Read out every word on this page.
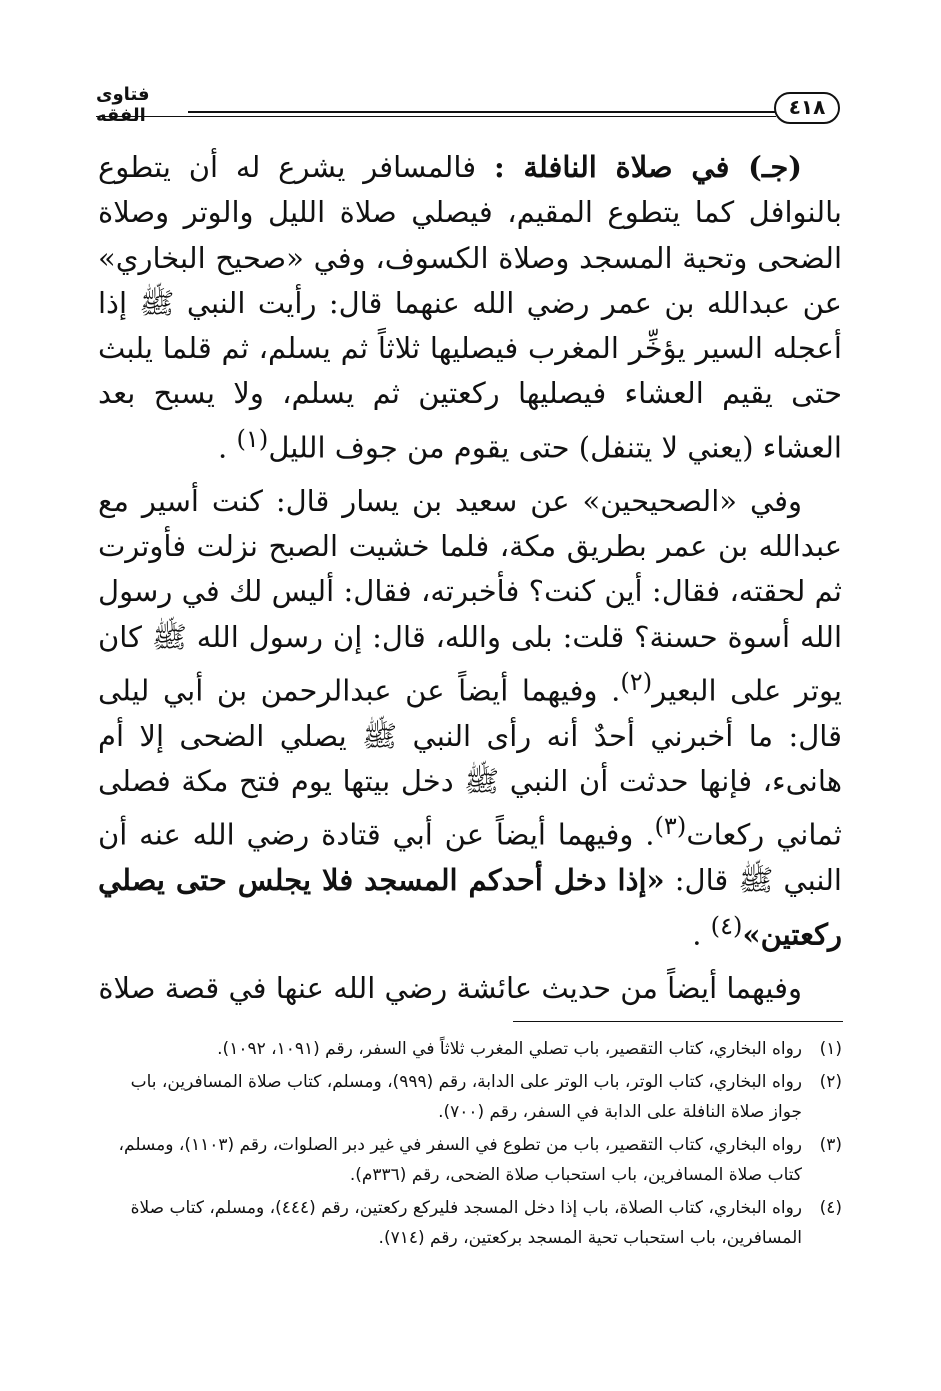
٤١٨
فتاوى الفقه

(جـ) في صلاة النافلة : فالمسافر يشرع له أن يتطوع بالنوافل كما يتطوع المقيم، فيصلي صلاة الليل والوتر وصلاة الضحى وتحية المسجد وصلاة الكسوف، وفي «صحيح البخاري» عن عبدالله بن عمر رضي الله عنهما قال: رأيت النبي ﷺ إذا أعجله السير يؤخِّر المغرب فيصليها ثلاثاً ثم يسلم، ثم قلما يلبث حتى يقيم العشاء فيصليها ركعتين ثم يسلم، ولا يسبح بعد العشاء (يعني لا يتنفل) حتى يقوم من جوف الليل$^{(١)}$ .

وفي «الصحيحين» عن سعيد بن يسار قال: كنت أسير مع عبدالله بن عمر بطريق مكة، فلما خشيت الصبح نزلت فأوترت ثم لحقته، فقال: أين كنت؟ فأخبرته، فقال: أليس لك في رسول الله أسوة حسنة؟ قلت: بلى والله، قال: إن رسول الله ﷺ كان يوتر على البعير$^{(٢)}$. وفيهما أيضاً عن عبدالرحمن بن أبي ليلى قال: ما أخبرني أحدٌ أنه رأى النبي ﷺ يصلي الضحى إلا أم هانىء، فإنها حدثت أن النبي ﷺ دخل بيتها يوم فتح مكة فصلى ثماني ركعات$^{(٣)}$. وفيهما أيضاً عن أبي قتادة رضي الله عنه أن النبي ﷺ قال: «إذا دخل أحدكم المسجد فلا يجلس حتى يصلي ركعتين»$^{(٤)}$ .

وفيهما أيضاً من حديث عائشة رضي الله عنها في قصة صلاة

(١)
رواه البخاري، كتاب التقصير، باب تصلي المغرب ثلاثاً في السفر، رقم (١٠٩١، ١٠٩٢).

(٢)
رواه البخاري، كتاب الوتر، باب الوتر على الدابة، رقم (٩٩٩)، ومسلم، كتاب صلاة المسافرين، باب جواز صلاة النافلة على الدابة في السفر، رقم (٧٠٠).

(٣)
رواه البخاري، كتاب التقصير، باب من تطوع في السفر في غير دبر الصلوات، رقم (١١٠٣)، ومسلم، كتاب صلاة المسافرين، باب استحباب صلاة الضحى، رقم (٣٣٦م).

(٤)
رواه البخاري، كتاب الصلاة، باب إذا دخل المسجد فليركع ركعتين، رقم (٤٤٤)، ومسلم، كتاب صلاة المسافرين، باب استحباب تحية المسجد بركعتين، رقم (٧١٤).
